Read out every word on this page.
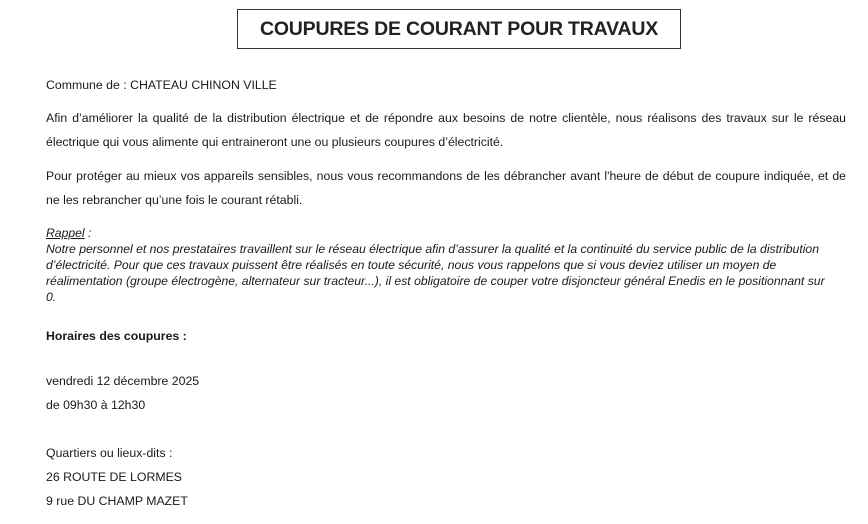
COUPURES DE COURANT POUR TRAVAUX
Commune de : CHATEAU CHINON VILLE
Afin d’améliorer la qualité de la distribution électrique et de répondre aux besoins de notre clientèle, nous réalisons des travaux sur le réseau électrique qui vous alimente qui entraineront une ou plusieurs coupures d’électricité.
Pour protéger au mieux vos appareils sensibles, nous vous recommandons de les débrancher avant l'heure de début de coupure indiquée, et de ne les rebrancher qu’une fois le courant rétabli.
Rappel :
Notre personnel et nos prestataires travaillent sur le réseau électrique afin d’assurer la qualité et la continuité du service public de la distribution d’électricité. Pour que ces travaux puissent être réalisés en toute sécurité, nous vous rappelons que si vous deviez utiliser un moyen de réalimentation (groupe électrogène, alternateur sur tracteur...), il est obligatoire de couper votre disjoncteur général Enedis en le positionnant sur 0.
Horaires des coupures :
vendredi 12 décembre 2025
de 09h30 à 12h30
Quartiers ou lieux-dits :
26 ROUTE DE LORMES
9 rue DU CHAMP MAZET
